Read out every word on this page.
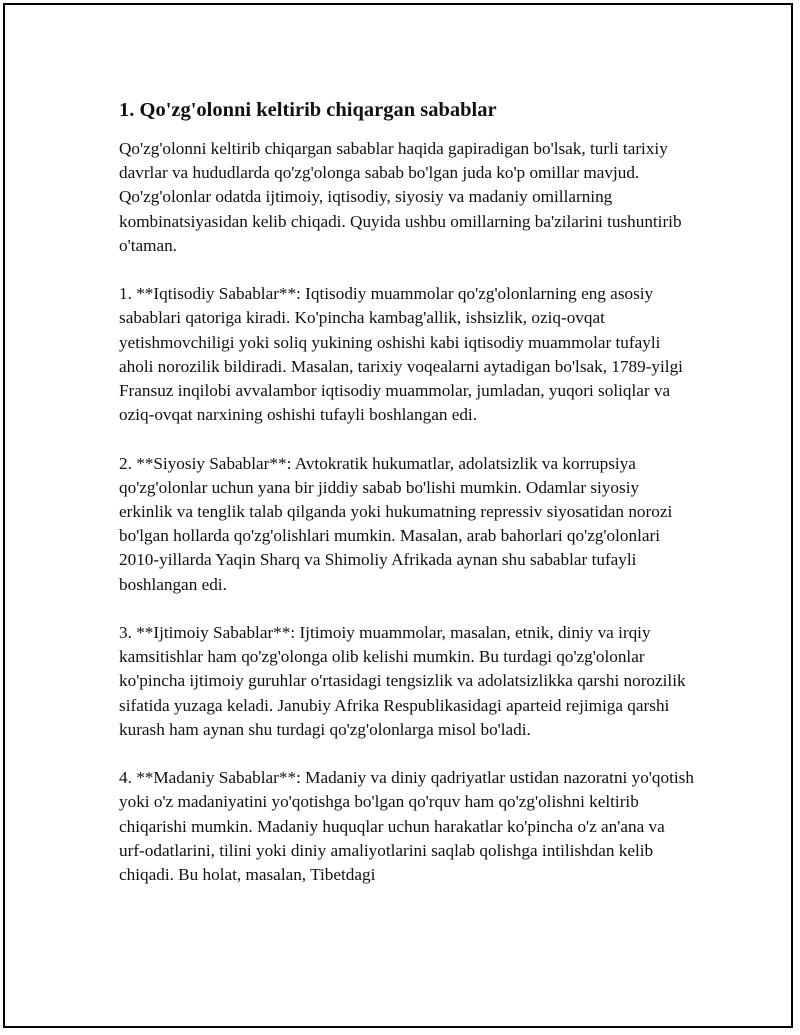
1. Qo'zg'olonni keltirib chiqargan sabablar

Qo'zg'olonni keltirib chiqargan sabablar haqida gapiradigan bo'lsak, turli tarixiy davrlar va hududlarda qo'zg'olonga sabab bo'lgan juda ko'p omillar mavjud. Qo'zg'olonlar odatda ijtimoiy, iqtisodiy, siyosiy va madaniy omillarning kombinatsiyasidan kelib chiqadi. Quyida ushbu omillarning ba'zilarini tushuntirib o'taman.

1. **Iqtisodiy Sabablar**: Iqtisodiy muammolar qo'zg'olonlarning eng asosiy sabablari qatoriga kiradi. Ko'pincha kambag'allik, ishsizlik, oziq-ovqat yetishmovchiligi yoki soliq yukining oshishi kabi iqtisodiy muammolar tufayli aholi norozilik bildiradi. Masalan, tarixiy voqealarni aytadigan bo'lsak, 1789-yilgi Fransuz inqilobi avvalambor iqtisodiy muammolar, jumladan, yuqori soliqlar va oziq-ovqat narxining oshishi tufayli boshlangan edi.

2. **Siyosiy Sabablar**: Avtokratik hukumatlar, adolatsizlik va korrupsiya qo'zg'olonlar uchun yana bir jiddiy sabab bo'lishi mumkin. Odamlar siyosiy erkinlik va tenglik talab qilganda yoki hukumatning repressiv siyosatidan norozi bo'lgan hollarda qo'zg'olishlari mumkin. Masalan, arab bahorlari qo'zg'olonlari 2010-yillarda Yaqin Sharq va Shimoliy Afrikada aynan shu sabablar tufayli boshlangan edi.

3. **Ijtimoiy Sabablar**: Ijtimoiy muammolar, masalan, etnik, diniy va irqiy kamsitishlar ham qo'zg'olonga olib kelishi mumkin. Bu turdagi qo'zg'olonlar ko'pincha ijtimoiy guruhlar o'rtasidagi tengsizlik va adolatsizlikka qarshi norozilik sifatida yuzaga keladi. Janubiy Afrika Respublikasidagi aparteid rejimiga qarshi kurash ham aynan shu turdagi qo'zg'olonlarga misol bo'ladi.

4. **Madaniy Sabablar**: Madaniy va diniy qadriyatlar ustidan nazoratni yo'qotish yoki o'z madaniyatini yo'qotishga bo'lgan qo'rquv ham qo'zg'olishni keltirib chiqarishi mumkin. Madaniy huquqlar uchun harakatlar ko'pincha o'z an'ana va urf-odatlarini, tilini yoki diniy amaliyotlarini saqlab qolishga intilishdan kelib chiqadi. Bu holat, masalan, Tibetdagi
